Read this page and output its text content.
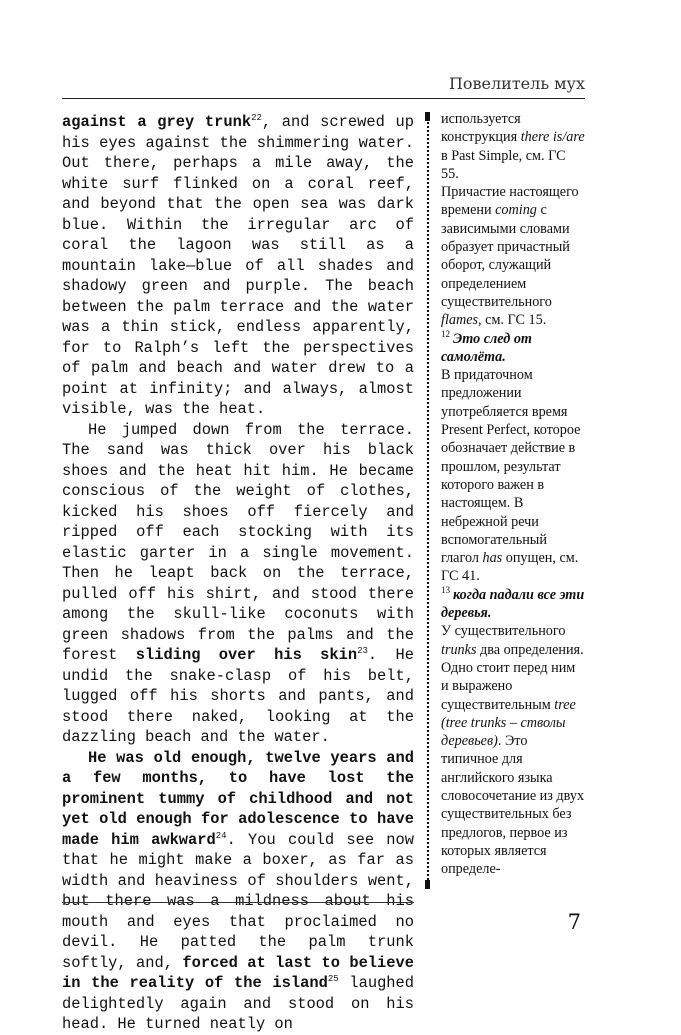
Повелитель мух

against a grey trunk$^{22}$, and screwed up his eyes against the shimmering water. Out there, perhaps a mile away, the white surf flinked on a coral reef, and beyond that the open sea was dark blue. Within the irregular arc of coral the lagoon was still as a mountain lake—blue of all shades and shadowy green and purple. The beach between the palm terrace and the water was a thin stick, endless apparently, for to Ralph’s left the perspectives of palm and beach and water drew to a point at infinity; and always, almost visible, was the heat.

He jumped down from the terrace. The sand was thick over his black shoes and the heat hit him. He became conscious of the weight of clothes, kicked his shoes off fiercely and ripped off each stocking with its elastic garter in a single movement. Then he leapt back on the terrace, pulled off his shirt, and stood there among the skull-like coconuts with green shadows from the palms and the forest sliding over his skin$^{23}$. He undid the snake-clasp of his belt, lugged off his shorts and pants, and stood there naked, looking at the dazzling beach and the water.

He was old enough, twelve years and a few months, to have lost the prominent tummy of childhood and not yet old enough for adolescence to have made him awkward$^{24}$. You could see now that he might make a boxer, as far as width and heaviness of shoulders went, but there was a mildness about his mouth and eyes that proclaimed no devil. He patted the palm trunk softly, and, forced at last to believe in the reality of the island$^{25}$ laughed delightedly again and stood on his head. He turned neatly on

используется конструкция there is/are в Past Simple, см. ГС 55.

Причастие настоящего времени coming с зависимыми словами образует причастный оборот, служащий определением существительного flames, см. ГС 15.

$^{12}$ Это след от самолёта.

В придаточном предложении употребляется время Present Perfect, которое обозначает действие в прошлом, результат которого важен в настоящем. В небрежной речи вспомогательный глагол has опущен, см. ГС 41.

$^{13}$ когда падали все эти деревья.

У существительного trunks два определения. Одно стоит перед ним и выражено существительным tree (tree trunks – стволы деревьев). Это типичное для английского языка словосочетание из двух существительных без предлогов, первое из которых является определе-

7
